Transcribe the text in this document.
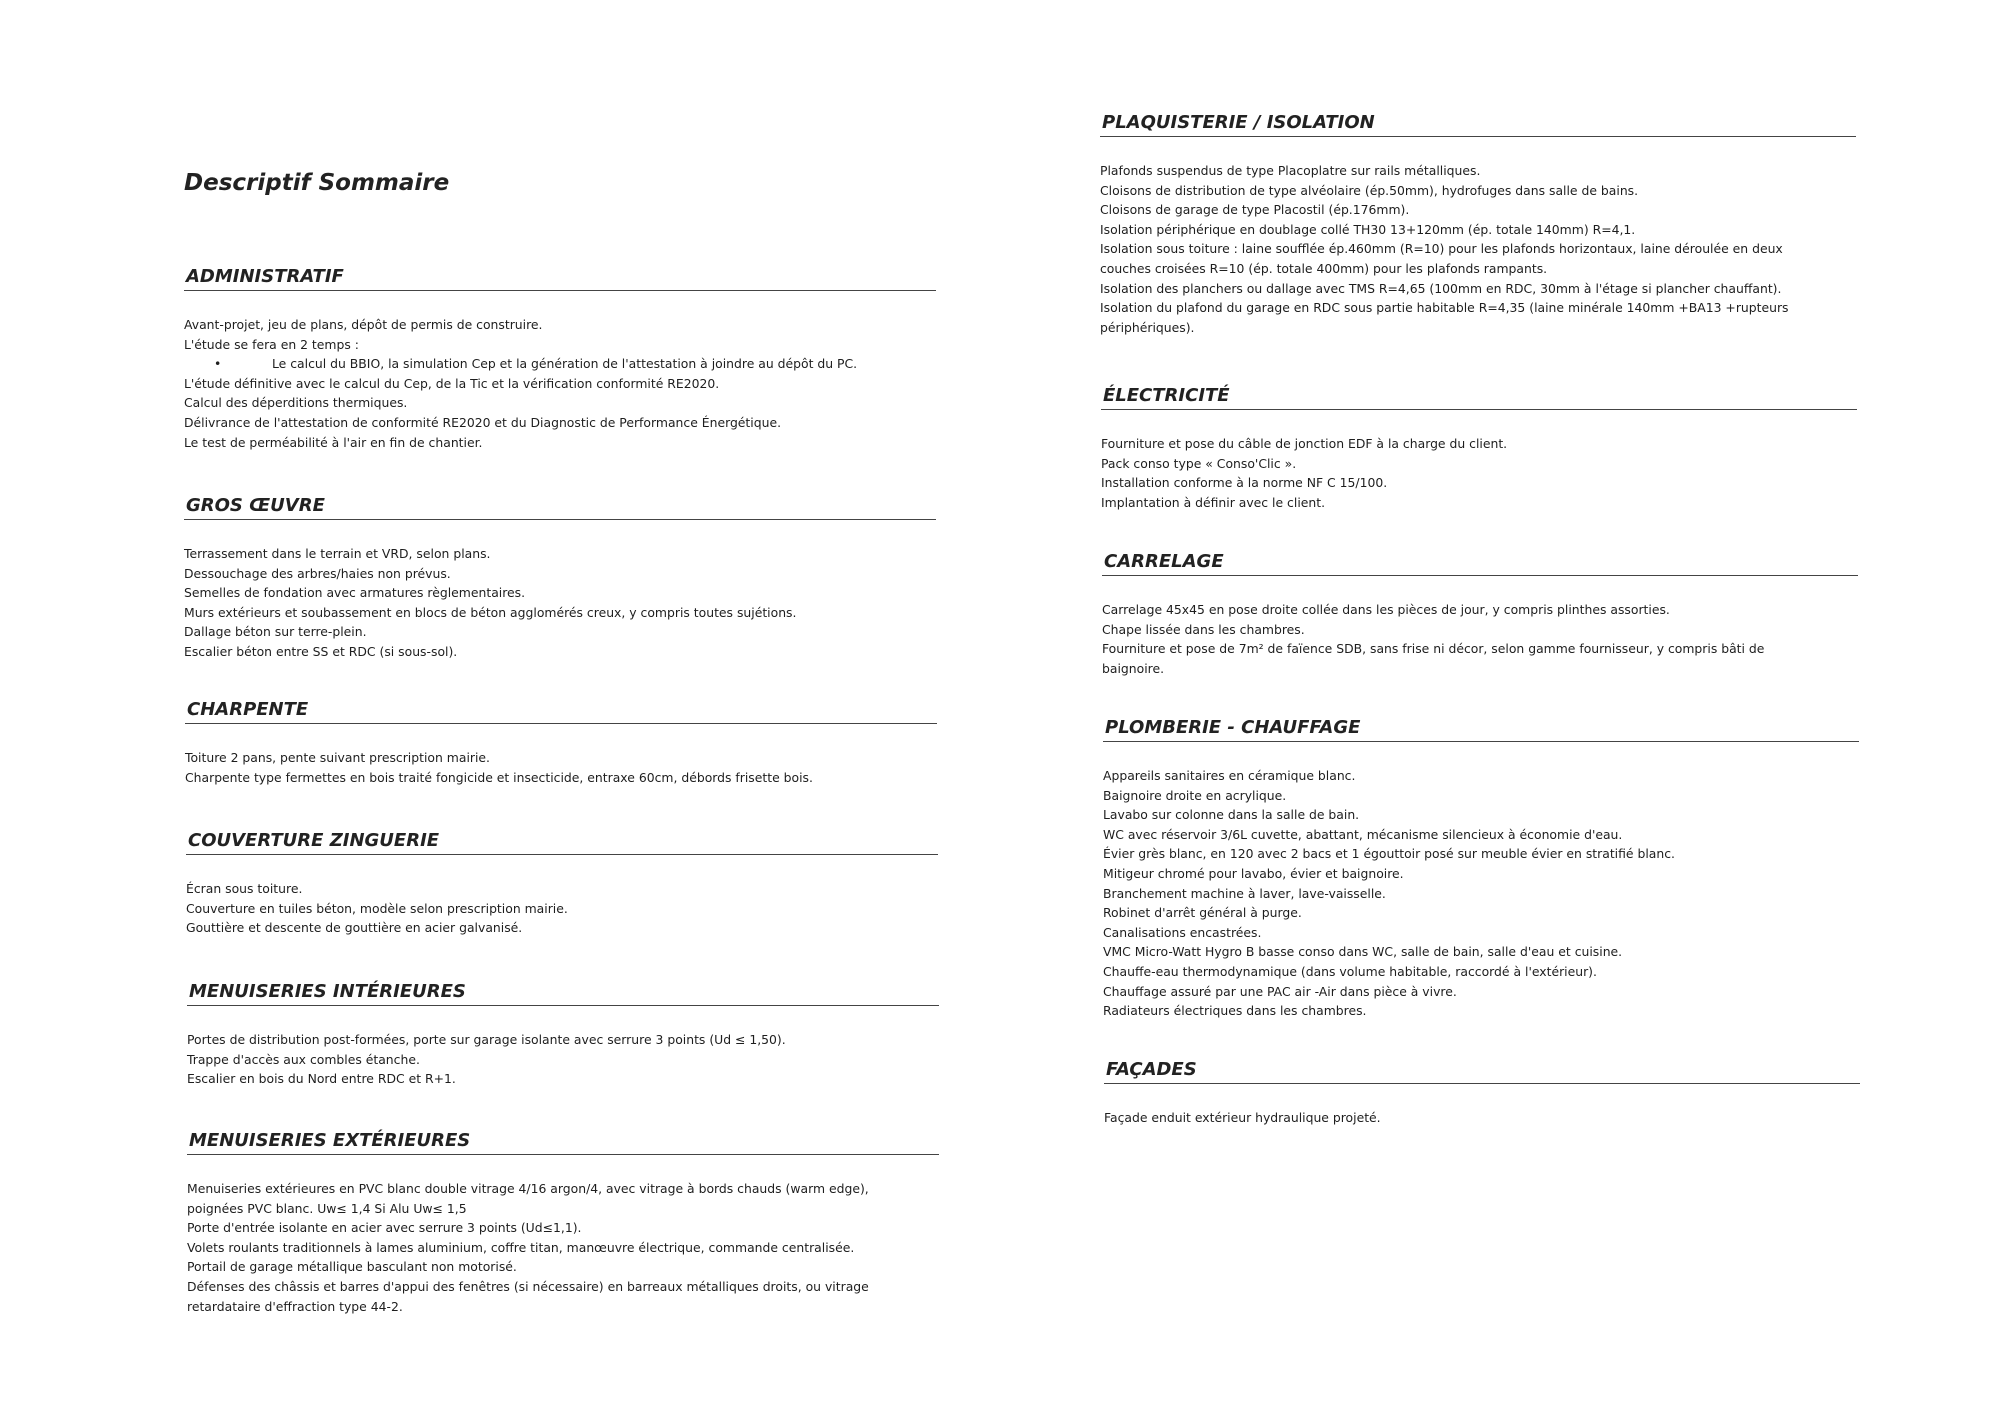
Descriptif Sommaire
ADMINISTRATIF

Avant-projet, jeu de plans, dépôt de permis de construire.

L'étude se fera en 2 temps :

•	Le calcul du BBIO, la simulation Cep et la génération de l'attestation à joindre au dépôt du PC.

L'étude définitive avec le calcul du Cep, de la Tic et la vérification conformité RE2020.

Calcul des déperditions thermiques.

Délivrance de l'attestation de conformité RE2020 et du Diagnostic de Performance Énergétique.

Le test de perméabilité à l'air en fin de chantier.

GROS ŒUVRE

Terrassement dans le terrain et VRD, selon plans.

Dessouchage des arbres/haies non prévus.

Semelles de fondation avec armatures règlementaires.

Murs extérieurs et soubassement en blocs de béton agglomérés creux, y compris toutes sujétions.

Dallage béton sur terre-plein.

Escalier béton entre SS et RDC (si sous-sol).

CHARPENTE

Toiture 2 pans, pente suivant prescription mairie.

Charpente type fermettes en bois traité fongicide et insecticide, entraxe 60cm, débords frisette bois.

COUVERTURE ZINGUERIE

Écran sous toiture.

Couverture en tuiles béton, modèle selon prescription mairie.

Gouttière et descente de gouttière en acier galvanisé.

MENUISERIES INTÉRIEURES

Portes de distribution post-formées, porte sur garage isolante avec serrure 3 points (Ud ≤ 1,50).

Trappe d'accès aux combles étanche.

Escalier en bois du Nord entre RDC et R+1.

MENUISERIES EXTÉRIEURES

Menuiseries extérieures en PVC blanc double vitrage 4/16 argon/4, avec vitrage à bords chauds (warm edge),

poignées PVC blanc. Uw≤ 1,4 Si Alu Uw≤ 1,5

Porte d'entrée isolante en acier avec serrure 3 points (Ud≤1,1).

Volets roulants traditionnels à lames aluminium, coffre titan, manœuvre électrique, commande centralisée.

Portail de garage métallique basculant non motorisé.

Défenses des châssis et barres d'appui des fenêtres (si nécessaire) en barreaux métalliques droits, ou vitrage

retardataire d'effraction type 44-2.

PLAQUISTERIE / ISOLATION

Plafonds suspendus de type Placoplatre sur rails métalliques.

Cloisons de distribution de type alvéolaire (ép.50mm), hydrofuges dans salle de bains.

Cloisons de garage de type Placostil (ép.176mm).

Isolation périphérique en doublage collé TH30 13+120mm (ép. totale 140mm) R=4,1.

Isolation sous toiture : laine soufflée ép.460mm (R=10) pour les plafonds horizontaux, laine déroulée en deux

couches croisées R=10 (ép. totale 400mm) pour les plafonds rampants.

Isolation des planchers ou dallage avec TMS R=4,65 (100mm en RDC, 30mm à l'étage si plancher chauffant).

Isolation du plafond du garage en RDC sous partie habitable R=4,35 (laine minérale 140mm +BA13 +rupteurs

périphériques).

ÉLECTRICITÉ

Fourniture et pose du câble de jonction EDF à la charge du client.

Pack conso type « Conso'Clic ».

Installation conforme à la norme NF C 15/100.

Implantation à définir avec le client.

CARRELAGE

Carrelage 45x45 en pose droite collée dans les pièces de jour, y compris plinthes assorties.

Chape lissée dans les chambres.

Fourniture et pose de 7m² de faïence SDB, sans frise ni décor, selon gamme fournisseur, y compris bâti de

baignoire.

PLOMBERIE - CHAUFFAGE

Appareils sanitaires en céramique blanc.

Baignoire droite en acrylique.

Lavabo sur colonne dans la salle de bain.

WC avec réservoir 3/6L cuvette, abattant, mécanisme silencieux à économie d'eau.

Évier grès blanc, en 120 avec 2 bacs et 1 égouttoir posé sur meuble évier en stratifié blanc.

Mitigeur chromé pour lavabo, évier et baignoire.

Branchement machine à laver, lave-vaisselle.

Robinet d'arrêt général à purge.

Canalisations encastrées.

VMC Micro-Watt Hygro B basse conso dans WC, salle de bain, salle d'eau et cuisine.

Chauffe-eau thermodynamique (dans volume habitable, raccordé à l'extérieur).

Chauffage assuré par une PAC air -Air dans pièce à vivre.

Radiateurs électriques dans les chambres.

FAÇADES

Façade enduit extérieur hydraulique projeté.
